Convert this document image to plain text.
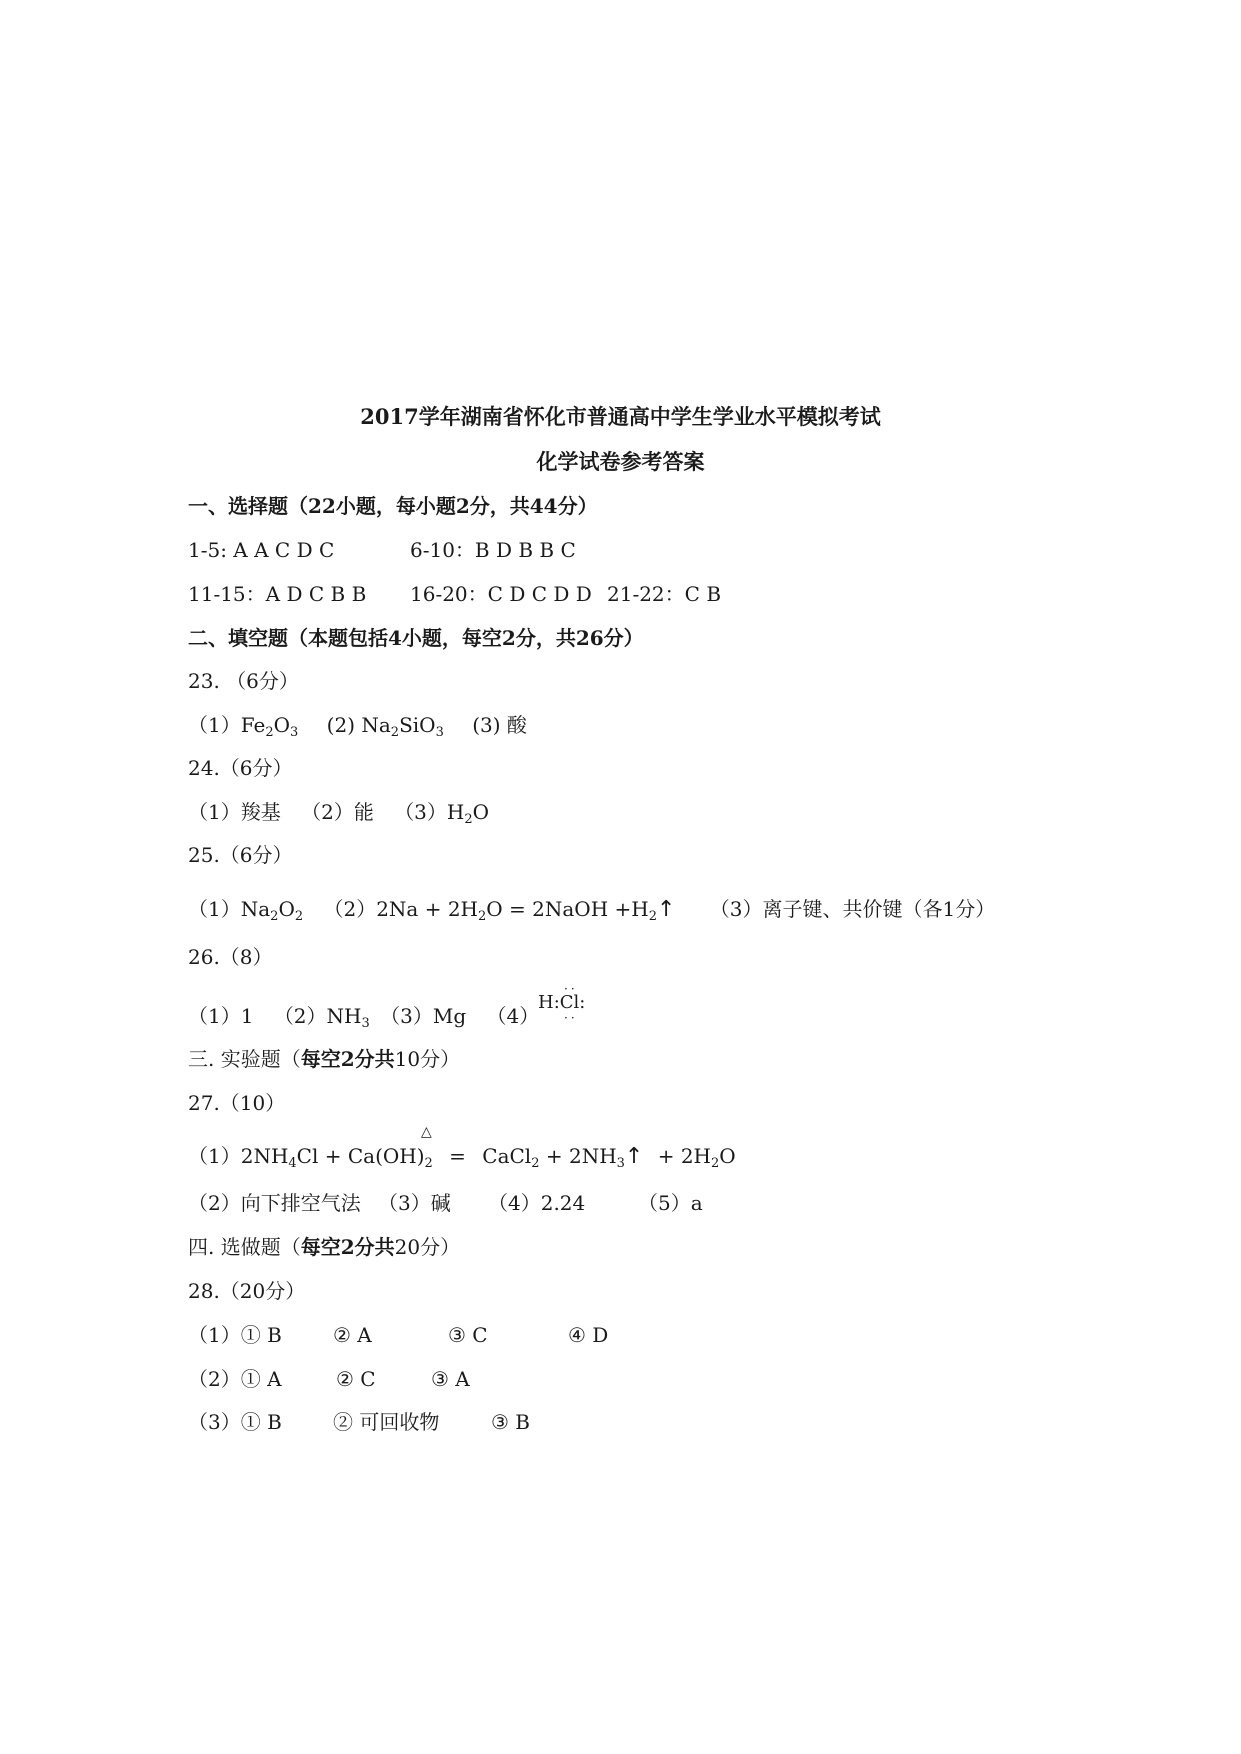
2017学年湖南省怀化市普通高中学生学业水平模拟考试
化学试卷参考答案
一、选择题（22小题，每小题2分，共44分）
1-5: A A C D C	6-10：B D B B C
11-15：A D C B B 16-20：C D C D D 21-22：C B
二、填空题（本题包括4小题，每空2分，共26分）
23. （6分）
$(1)Fe_2O_3$ (2) $Na_2SiO_3$ (3) 酸
24.（6分）
（1）羧基 （2）能 $(3)H_2O$
25.（6分）
$(1)Na_2O_2$ $(2)2Na + 2H_2O$ = 2NaOH $+H_2↑$ （3）离子键、共价键（各1分）
26.（8）
（1）1 $(2)NH_3$ （3）Mg （4）
H:Cl:
··
··
三. 实验题（每空2分共10分）
27.（10）
$(1)2NH_4Cl + Ca(OH)_2$ = CaCl$_2$ + $2NH_3↑ + 2H_2O$
△
（2）向下排空气法 （3）碱 （4）2.24	（5）a
四. 选做题（每空2分共20分）
28.（20分）
（1）① B	② A	③ C	④ D
（2）① A	② C	③ A
（3）① B	② 可回收物	③ B
